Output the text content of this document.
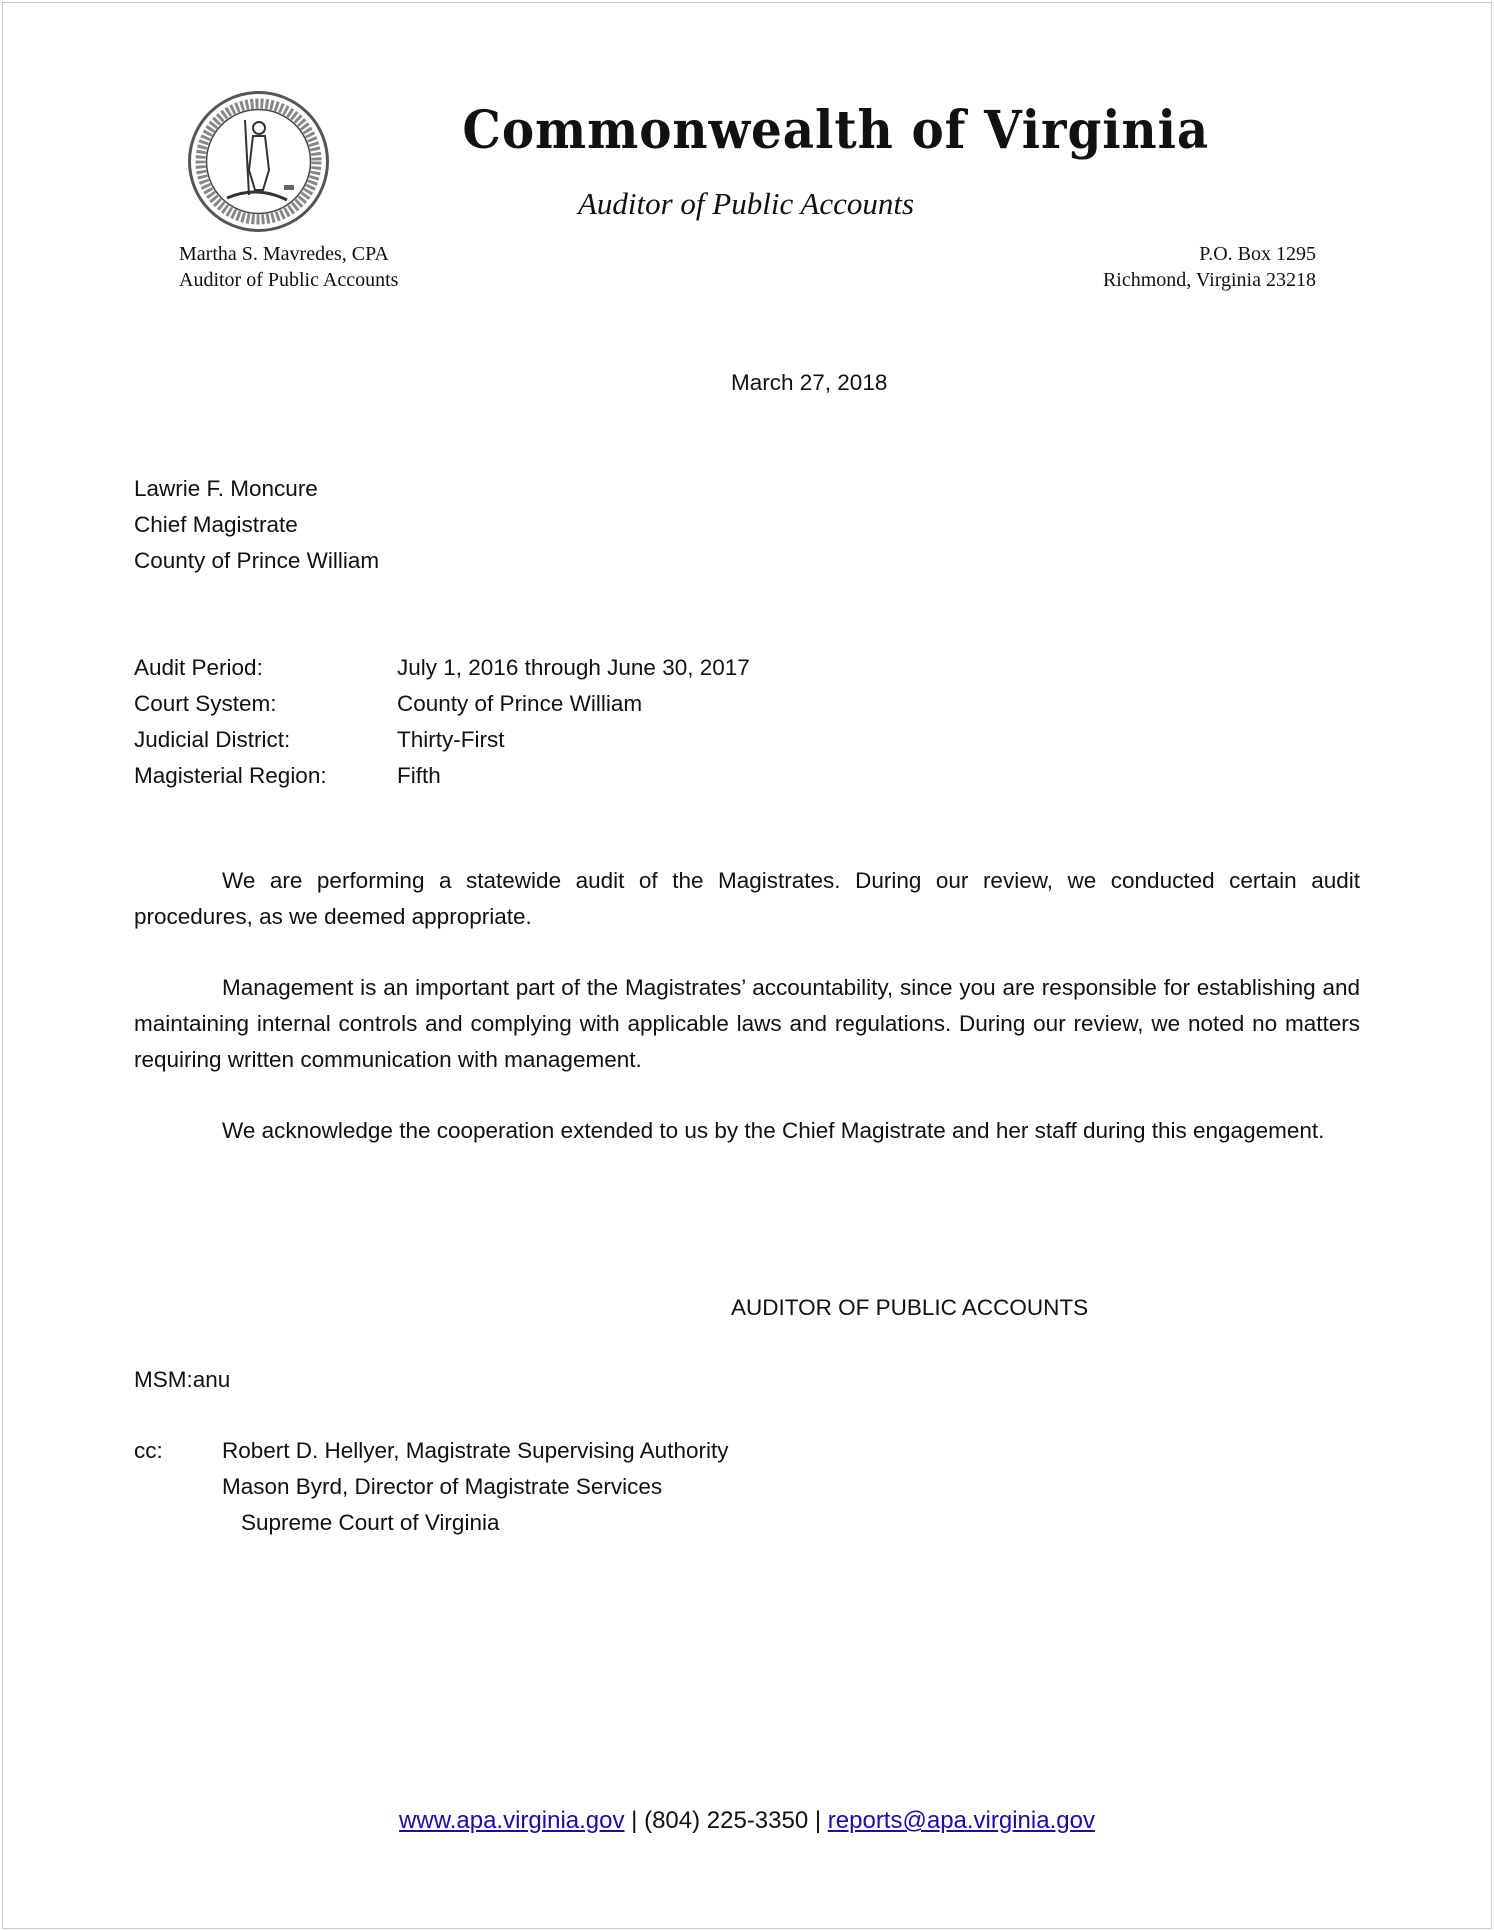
Commonwealth of Virginia
Auditor of Public Accounts
Martha S. Mavredes, CPA
Auditor of Public Accounts
P.O. Box 1295
Richmond, Virginia 23218
March 27, 2018
Lawrie F. Moncure
Chief Magistrate
County of Prince William
Audit Period:	July 1, 2016 through June 30, 2017
Court System:	County of Prince William
Judicial District:	Thirty-First
Magisterial Region:	Fifth
We are performing a statewide audit of the Magistrates. During our review, we conducted certain audit procedures, as we deemed appropriate.
Management is an important part of the Magistrates’ accountability, since you are responsible for establishing and maintaining internal controls and complying with applicable laws and regulations. During our review, we noted no matters requiring written communication with management.
We acknowledge the cooperation extended to us by the Chief Magistrate and her staff during this engagement.
AUDITOR OF PUBLIC ACCOUNTS
MSM:anu
cc:	Robert D. Hellyer, Magistrate Supervising Authority
Mason Byrd, Director of Magistrate Services
Supreme Court of Virginia
www.apa.virginia.gov | (804) 225-3350 | reports@apa.virginia.gov
